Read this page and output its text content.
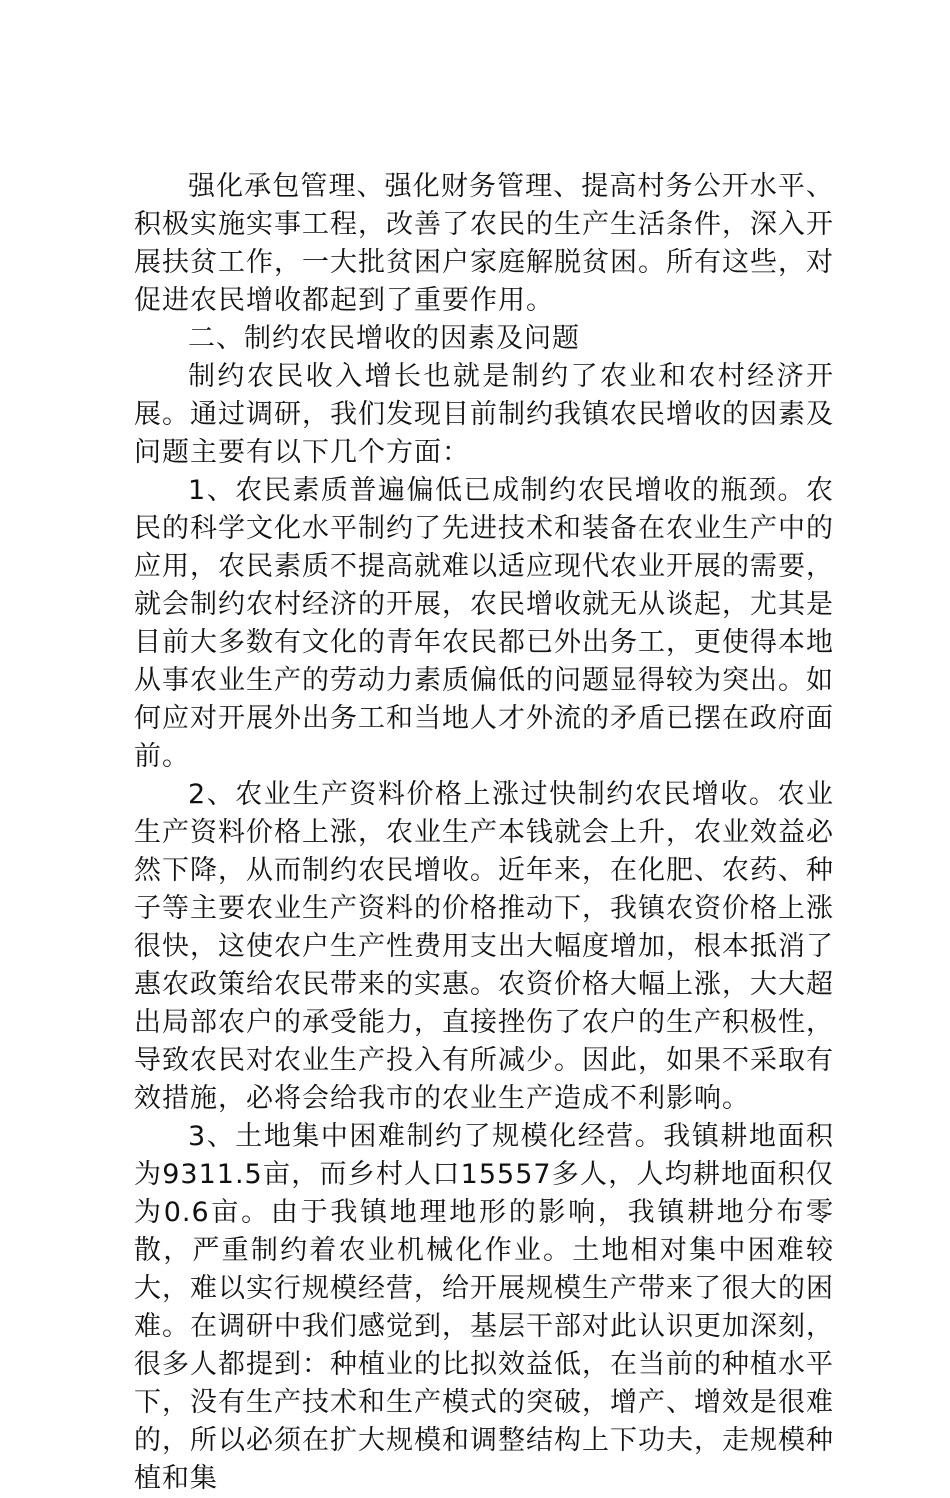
强化承包管理、强化财务管理、提高村务公开水平、积极实施实事工程，改善了农民的生产生活条件，深入开展扶贫工作，一大批贫困户家庭解脱贫困。所有这些，对促进农民增收都起到了重要作用。

二、制约农民增收的因素及问题

制约农民收入增长也就是制约了农业和农村经济开展。通过调研，我们发现目前制约我镇农民增收的因素及问题主要有以下几个方面：

1、农民素质普遍偏低已成制约农民增收的瓶颈。农民的科学文化水平制约了先进技术和装备在农业生产中的应用，农民素质不提高就难以适应现代农业开展的需要，就会制约农村经济的开展，农民增收就无从谈起，尤其是目前大多数有文化的青年农民都已外出务工，更使得本地从事农业生产的劳动力素质偏低的问题显得较为突出。如何应对开展外出务工和当地人才外流的矛盾已摆在政府面前。

2、农业生产资料价格上涨过快制约农民增收。农业生产资料价格上涨，农业生产本钱就会上升，农业效益必然下降，从而制约农民增收。近年来，在化肥、农药、种子等主要农业生产资料的价格推动下，我镇农资价格上涨很快，这使农户生产性费用支出大幅度增加，根本抵消了惠农政策给农民带来的实惠。农资价格大幅上涨，大大超出局部农户的承受能力，直接挫伤了农户的生产积极性，导致农民对农业生产投入有所减少。因此，如果不采取有效措施，必将会给我市的农业生产造成不利影响。

3、土地集中困难制约了规模化经营。我镇耕地面积为9311.5亩，而乡村人口15557多人，人均耕地面积仅为0.6亩。由于我镇地理地形的影响，我镇耕地分布零散，严重制约着农业机械化作业。土地相对集中困难较大，难以实行规模经营，给开展规模生产带来了很大的困难。在调研中我们感觉到，基层干部对此认识更加深刻，很多人都提到：种植业的比拟效益低，在当前的种植水平下，没有生产技术和生产模式的突破，增产、增效是很难的，所以必须在扩大规模和调整结构上下功夫，走规模种植和集
